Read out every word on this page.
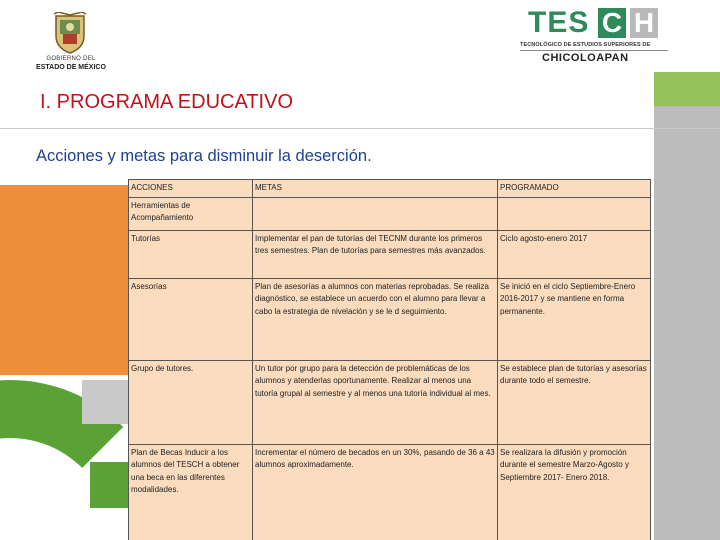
GOBIERNO DEL
ESTADO DE MÉXICO
TES C H
TECNOLÓGICO DE ESTUDIOS SUPERIORES DE
CHICOLOAPAN
I. PROGRAMA EDUCATIVO
Acciones y metas para disminuir la deserción.
ACCIONES	METAS	PROGRAMADO
Herramientas de Acompañamiento		
Tutorías	Implementar el pan de tutorías del TECNM durante los primeros tres semestres. Plan de tutorías para semestres más avanzados.	Ciclo agosto-enero 2017
Asesorías	Plan de asesorías a alumnos con materias reprobadas. Se realiza diagnóstico, se establece un acuerdo con el alumno para llevar a cabo la estrategia de nivelación y se le d seguimiento.	Se inició en el ciclo Septiembre-Enero 2016-2017 y se mantiene en forma permanente.
Grupo de tutores.	Un tutor por grupo para la detección de problemáticas de los alumnos y atenderlas oportunamente. Realizar al menos una tutoría grupal al semestre y al menos una tutoría individual al mes.	Se establece plan de tutorías y asesorías durante todo el semestre.
Plan de Becas Inducir a los alumnos del TESCH a obtener una beca en las diferentes modalidades.	Incrementar el número de becados en un 30%, pasando de 36 a 43 alumnos aproximadamente.	Se realizara la difusión y promoción durante el semestre Marzo-Agosto y Septiembre 2017- Enero 2018.
